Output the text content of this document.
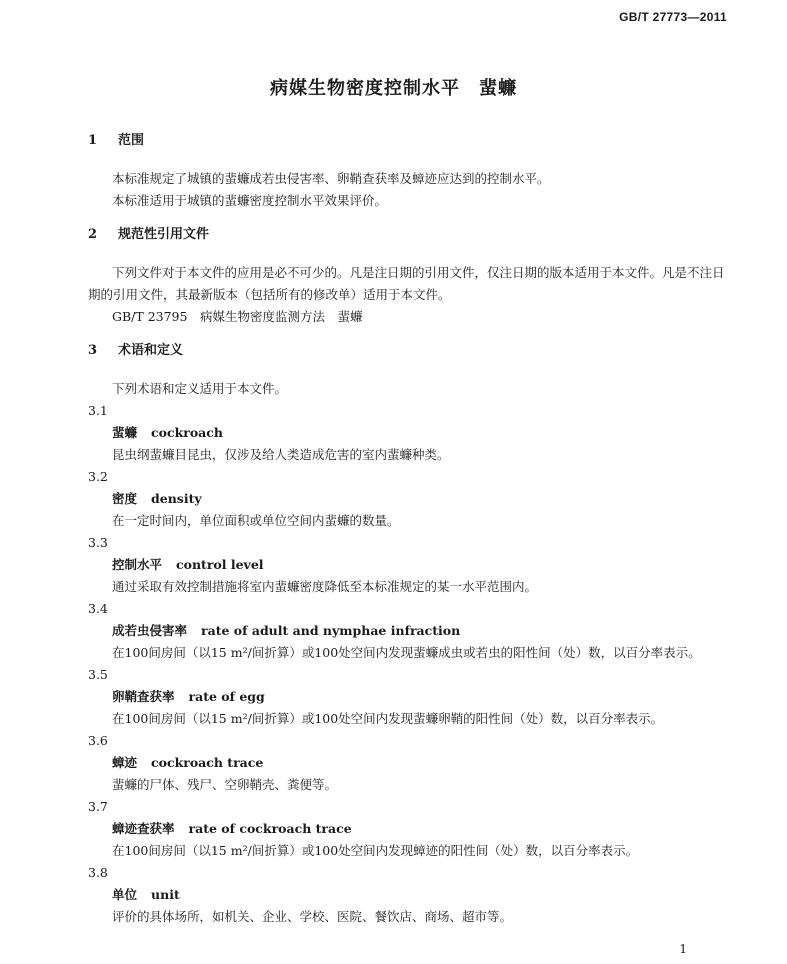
GB/T 27773—2011
病媒生物密度控制水平　蜚蠊
1 范围

本标准规定了城镇的蜚蠊成若虫侵害率、卵鞘查获率及蟑迹应达到的控制水平。

本标准适用于城镇的蜚蠊密度控制水平效果评价。

2 规范性引用文件

下列文件对于本文件的应用是必不可少的。凡是注日期的引用文件，仅注日期的版本适用于本文件。凡是不注日期的引用文件，其最新版本（包括所有的修改单）适用于本文件。

GB/T 23795　病媒生物密度监测方法　蜚蠊
3 术语和定义

下列术语和定义适用于本文件。

3.1
蜚蠊 cockroach
昆虫纲蜚蠊目昆虫，仅涉及给人类造成危害的室内蜚蠊种类。
3.2
密度 density
在一定时间内，单位面积或单位空间内蜚蠊的数量。
3.3
控制水平 control level
通过采取有效控制措施将室内蜚蠊密度降低至本标准规定的某一水平范围内。
3.4
成若虫侵害率 rate of adult and nymphae infraction
在100间房间（以15 m²/间折算）或100处空间内发现蜚蠊成虫或若虫的阳性间（处）数，以百分率表示。
3.5
卵鞘查获率 rate of egg
在100间房间（以15 m²/间折算）或100处空间内发现蜚蠊卵鞘的阳性间（处）数，以百分率表示。
3.6
蟑迹 cockroach trace
蜚蠊的尸体、残尸、空卵鞘壳、粪便等。
3.7
蟑迹查获率 rate of cockroach trace
在100间房间（以15 m²/间折算）或100处空间内发现蟑迹的阳性间（处）数，以百分率表示。
3.8
单位 unit
评价的具体场所，如机关、企业、学校、医院、餐饮店、商场、超市等。
1
